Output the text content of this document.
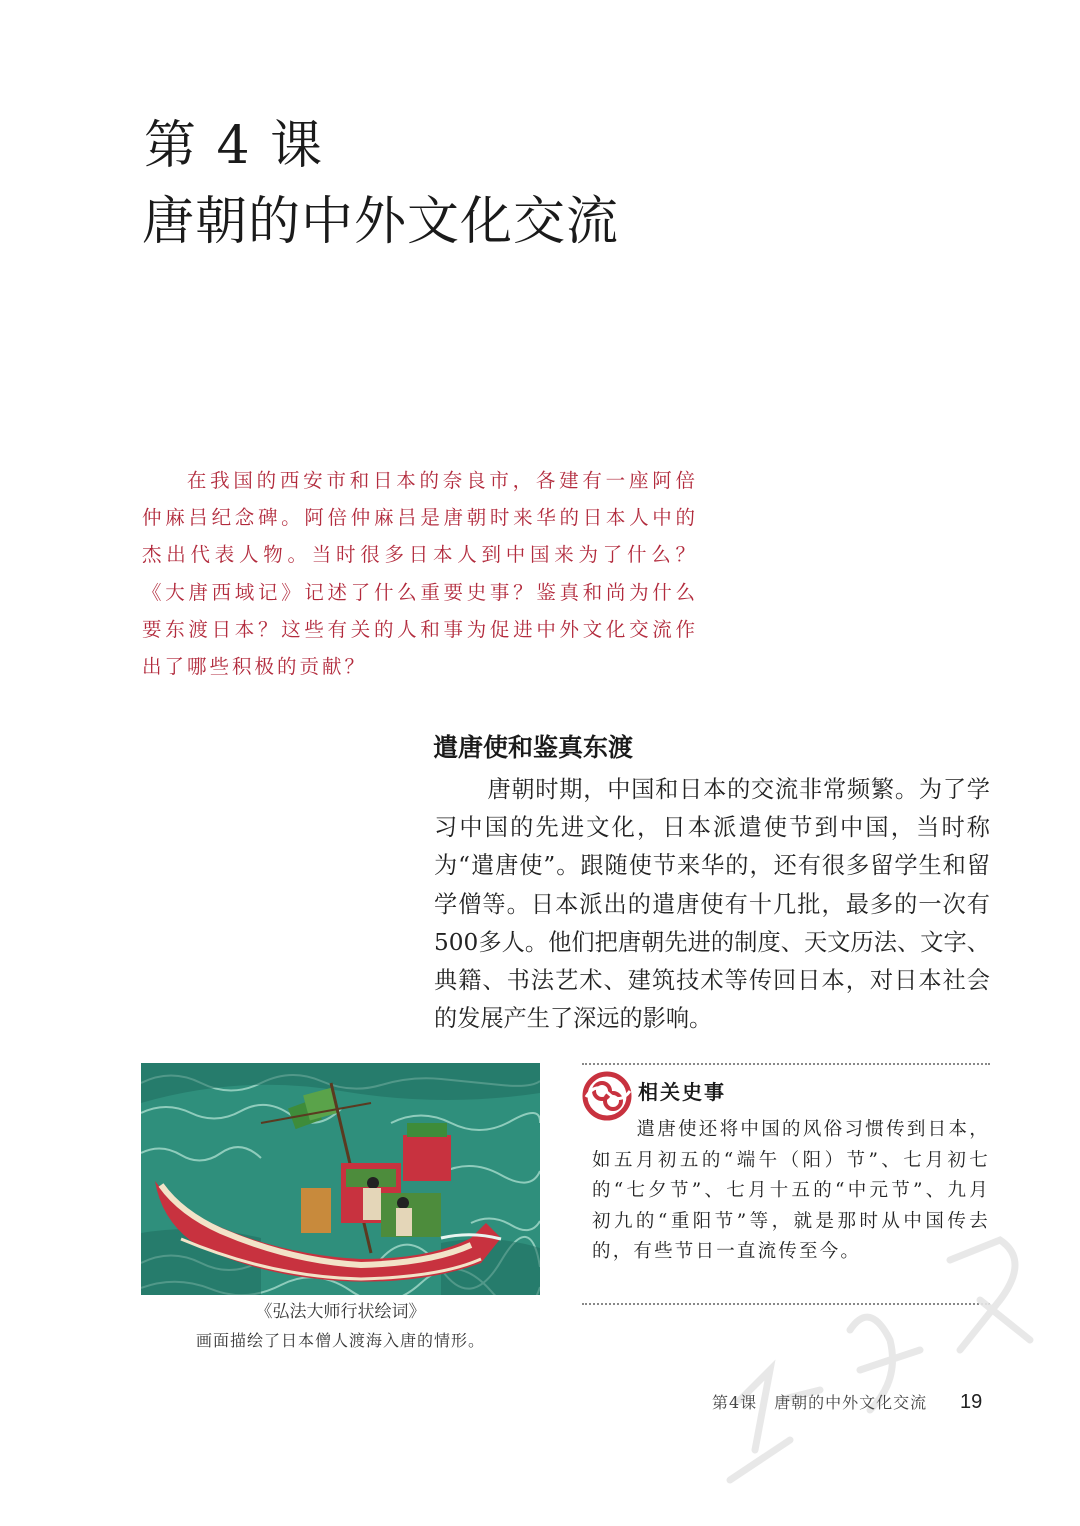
第 4 课
唐朝的中外文化交流

在我国的西安市和日本的奈良市，各建有一座阿倍仲麻吕纪念碑。阿倍仲麻吕是唐朝时来华的日本人中的杰出代表人物。当时很多日本人到中国来为了什么？《大唐西域记》记述了什么重要史事？鉴真和尚为什么要东渡日本？这些有关的人和事为促进中外文化交流作出了哪些积极的贡献？

遣唐使和鉴真东渡

唐朝时期，中国和日本的交流非常频繁。为了学习中国的先进文化，日本派遣使节到中国，当时称为“遣唐使”。跟随使节来华的，还有很多留学生和留学僧等。日本派出的遣唐使有十几批，最多的一次有500多人。他们把唐朝先进的制度、天文历法、文字、典籍、书法艺术、建筑技术等传回日本，对日本社会的发展产生了深远的影响。

《弘法大师行状绘词》
画面描绘了日本僧人渡海入唐的情形。
相关史事

遣唐使还将中国的风俗习惯传到日本，如五月初五的“端午（阳）节”、七月初七的“七夕节”、七月十五的“中元节”、九月初九的“重阳节”等，就是那时从中国传去的，有些节日一直流传至今。

第4课　唐朝的中外文化交流 19
